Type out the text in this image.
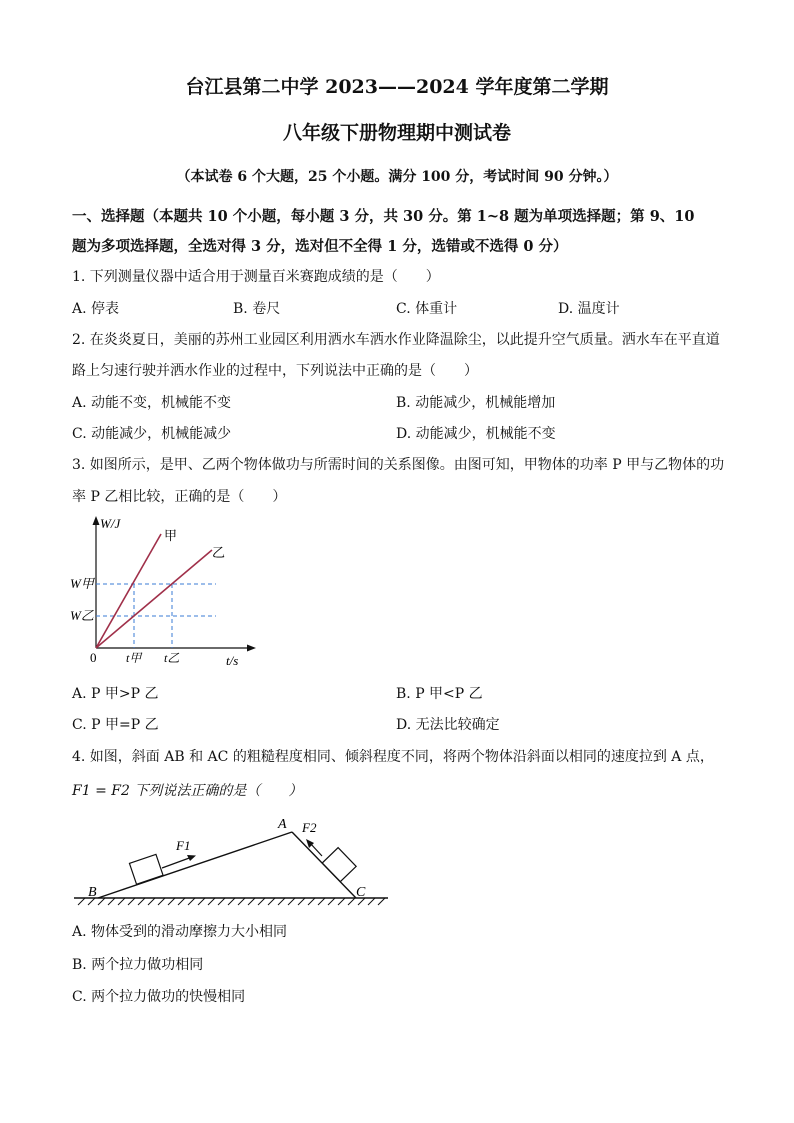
台江县第二中学 2023——2024 学年度第二学期
八年级下册物理期中测试卷
（本试卷 6 个大题，25 个小题。满分 100 分，考试时间 90 分钟。）
一、选择题（本题共 10 个小题，每小题 3 分，共 30 分。第 1~8 题为单项选择题；第 9、10
题为多项选择题，全选对得 3 分，选对但不全得 1 分，选错或不选得 0 分）
1. 下列测量仪器中适合用于测量百米赛跑成绩的是（　　）
A. 停表	B. 卷尺	C. 体重计	D. 温度计
2. 在炎炎夏日，美丽的苏州工业园区利用洒水车洒水作业降温除尘，以此提升空气质量。洒水车在平直道
路上匀速行驶并洒水作业的过程中，下列说法中正确的是（　　）
A. 动能不变，机械能不变	B. 动能减少，机械能增加
C. 动能减少，机械能减少	D. 动能减少，机械能不变
3. 如图所示，是甲、乙两个物体做功与所需时间的关系图像。由图可知，甲物体的功率 P 甲与乙物体的功
率 P 乙相比较，正确的是（　　）
W/J
甲
乙
W甲
W乙
0 t甲 t乙	t/s
A. P 甲>P 乙	B. P 甲<P 乙
C. P 甲=P 乙	D. 无法比较确定
4. 如图，斜面 AB 和 AC 的粗糙程度相同、倾斜程度不同，将两个物体沿斜面以相同的速度拉到 A 点，
F1 = F2 下列说法正确的是（　　）
B
A
C
F1
F2
A. 物体受到的滑动摩擦力大小相同
B. 两个拉力做功相同
C. 两个拉力做功的快慢相同
